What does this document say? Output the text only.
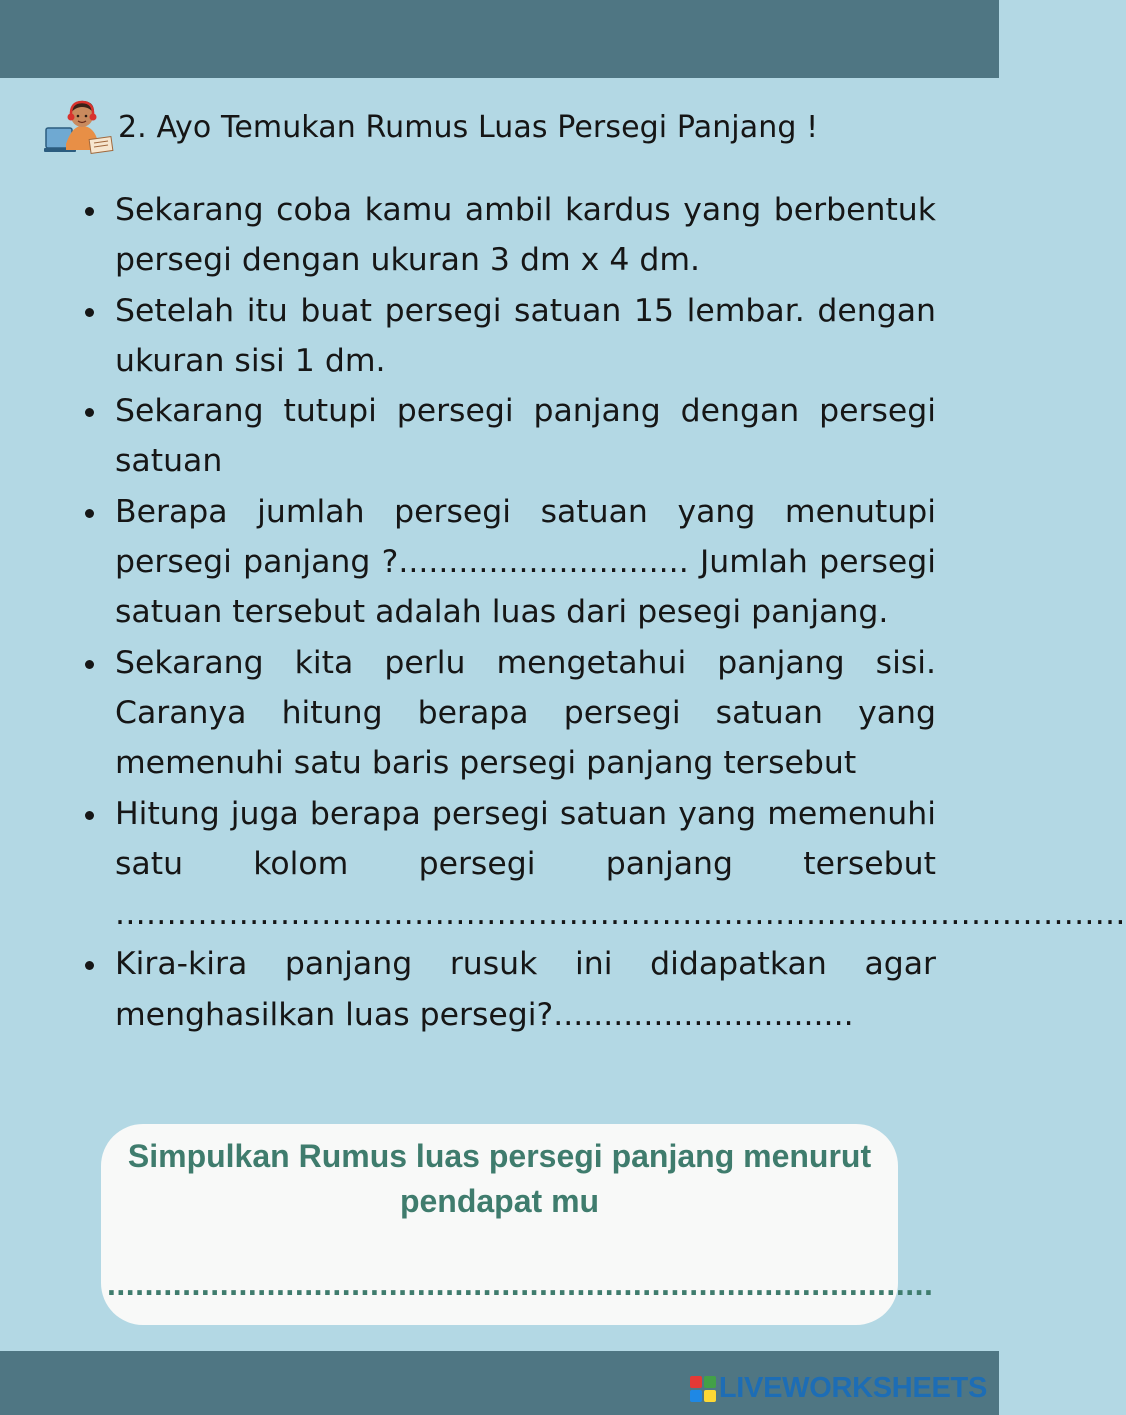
2. Ayo Temukan Rumus Luas Persegi Panjang !
Sekarang coba kamu ambil kardus yang berbentuk persegi dengan ukuran 3 dm x 4 dm.
Setelah itu buat persegi satuan 15 lembar. dengan ukuran sisi 1 dm.
Sekarang tutupi persegi panjang dengan persegi satuan
Berapa jumlah persegi satuan yang menutupi persegi panjang ?............................. Jumlah persegi satuan tersebut adalah luas dari pesegi panjang.
Sekarang kita perlu mengetahui panjang sisi. Caranya hitung berapa persegi satuan yang memenuhi satu baris persegi panjang tersebut
Hitung juga berapa persegi satuan yang memenuhi satu kolom persegi panjang tersebut
..................................................................................................
Kira-kira panjang rusuk ini didapatkan agar menghasilkan luas persegi?..............................
Simpulkan Rumus luas persegi panjang menurut pendapat mu
........................................................................................
LIVEWORKSHEETS
